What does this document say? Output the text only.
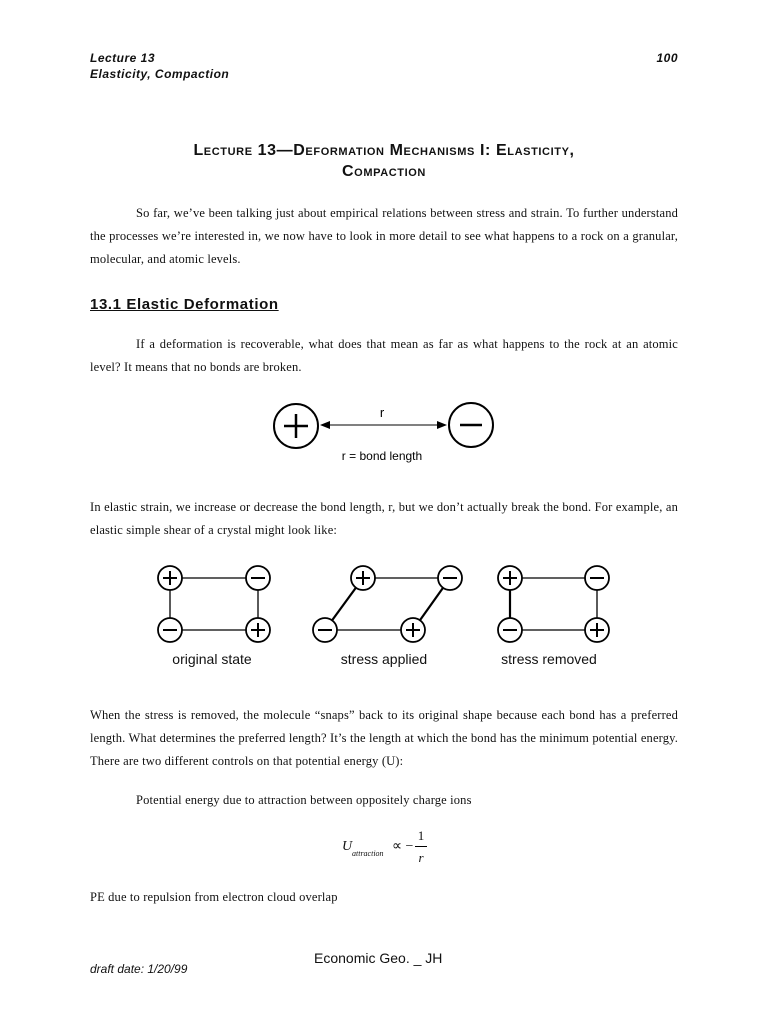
Lecture 13
Elasticity, Compaction
100
Lecture 13—Deformation Mechanisms I: Elasticity,
Compaction
So far, we’ve been talking just about empirical relations between stress and strain. To further understand the processes we’re interested in, we now have to look in more detail to see what happens to a rock on a granular, molecular, and atomic levels.
13.1 Elastic Deformation
If a deformation is recoverable, what does that mean as far as what happens to the rock at an atomic level? It means that no bonds are broken.
r
r = bond length
In elastic strain, we increase or decrease the bond length, r, but we don’t actually break the bond. For example, an elastic simple shear of a crystal might look like:
original state	stress applied	stress removed
When the stress is removed, the molecule “snaps” back to its original shape because each bond has a preferred length. What determines the preferred length? It’s the length at which the bond has the minimum potential energy. There are two different controls on that potential energy (U):
Potential energy due to attraction between oppositely charge ions
U attraction ∝ −
1
r
PE due to repulsion from electron cloud overlap
Economic Geo. _ JH
draft date: 1/20/99
